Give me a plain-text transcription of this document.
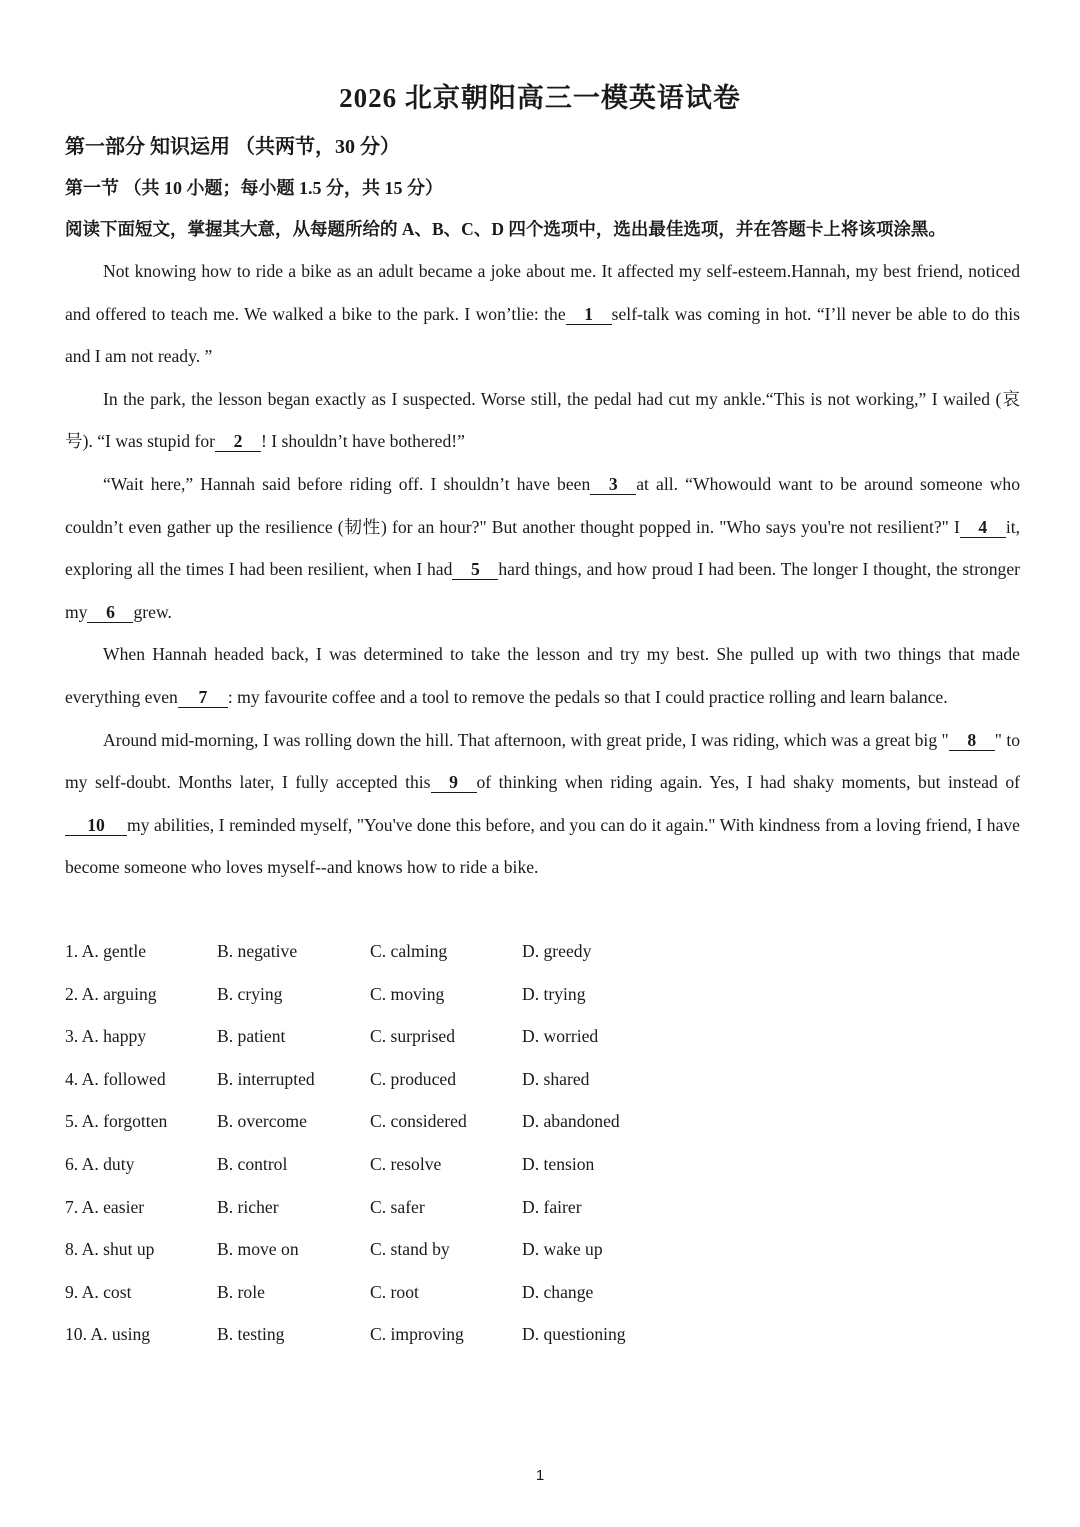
2026 北京朝阳高三一模英语试卷
第一部分 知识运用 （共两节，30 分）
第一节 （共 10 小题；每小题 1.5 分，共 15 分）
阅读下面短文，掌握其大意，从每题所给的 A、B、C、D 四个选项中，选出最佳选项，并在答题卡上将该项涂黑。

Not knowing how to ride a bike as an adult became a joke about me. It affected my self-esteem.Hannah, my best friend, noticed and offered to teach me. We walked a bike to the park. I won’tlie: the 1 self-talk was coming in hot. “I’ll never be able to do this and I am not ready. ”

In the park, the lesson began exactly as I suspected. Worse still, the pedal had cut my ankle.“This is not working,” I wailed (哀号). “I was stupid for 2 ! I shouldn’t have bothered!”

“Wait here,” Hannah said before riding off. I shouldn’t have been 3 at all. “Whowould want to be around someone who couldn’t even gather up the resilience (韧性) for an hour?" But another thought popped in. "Who says you're not resilient?" I 4 it, exploring all the times I had been resilient, when I had 5 hard things, and how proud I had been. The longer I thought, the stronger my 6 grew.

When Hannah headed back, I was determined to take the lesson and try my best. She pulled up with two things that made everything even 7 : my favourite coffee and a tool to remove the pedals so that I could practice rolling and learn balance.

Around mid-morning, I was rolling down the hill. That afternoon, with great pride, I was riding, which was a great big " 8 " to my self-doubt. Months later, I fully accepted this 9 of thinking when riding again. Yes, I had shaky moments, but instead of10 my abilities, I reminded myself, "You've done this before, and you can do it again." With kindness from a loving friend, I have become someone who loves myself--and knows how to ride a bike.

1. A. gentle	B. negative	C. calming	D. greedy
2. A. arguing	B. crying	C. moving	D. trying
3. A. happy	B. patient	C. surprised	D. worried
4. A. followed	B. interrupted	C. produced	D. shared
5. A. forgotten	B. overcome	C. considered	D. abandoned
6. A. duty	B. control	C. resolve	D. tension
7. A. easier	B. richer	C. safer	D. fairer
8. A. shut up	B. move on	C. stand by	D. wake up
9. A. cost	B. role	C. root	D. change
10. A. using	B. testing	C. improving	D. questioning
1
